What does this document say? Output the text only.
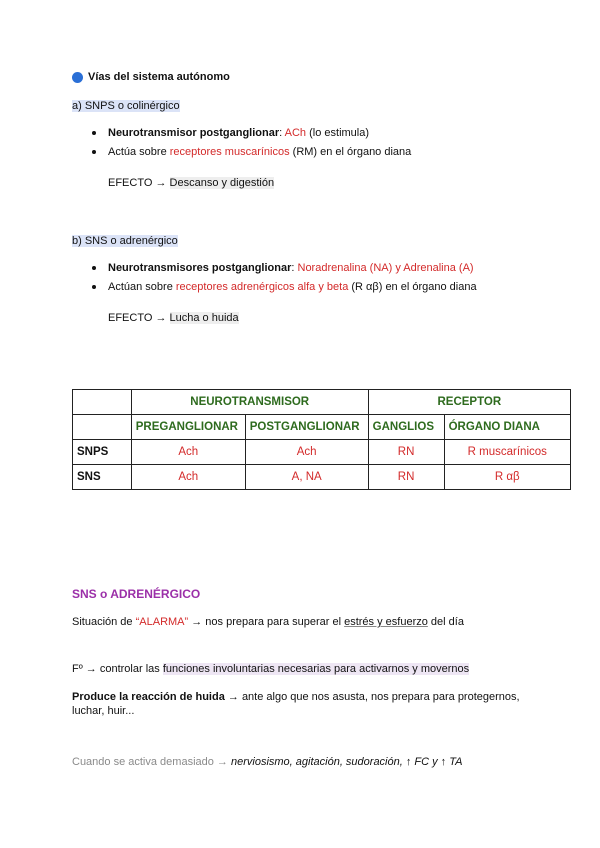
Vías del sistema autónomo
a) SNPS o colinérgico
Neurotransmisor postganglionar: ACh (lo estimula)
Actúa sobre receptores muscarínicos (RM) en el órgano diana
EFECTO → Descanso y digestión
b) SNS o adrenérgico
Neurotransmisores postganglionar: Noradrenalina (NA) y Adrenalina (A)
Actúan sobre receptores adrenérgicos alfa y beta (R αβ) en el órgano diana
EFECTO → Lucha o huida
	NEUROTRANSMISOR		RECEPTOR	
	PREGANGLIONAR	POSTGANGLIONAR	GANGLIOS	ÓRGANO DIANA
SNPS	Ach	Ach	RN	R muscarínicos
SNS	Ach	A, NA	RN	R αβ
SNS o ADRENÉRGICO
Situación de “ALARMA” → nos prepara para superar el estrés y esfuerzo del día
Fº → controlar las funciones involuntarias necesarias para activarnos y movernos
Produce la reacción de huida → ante algo que nos asusta, nos prepara para protegernos,
luchar, huir...
Cuando se activa demasiado → nerviosismo, agitación, sudoración, ↑ FC y ↑ TA
